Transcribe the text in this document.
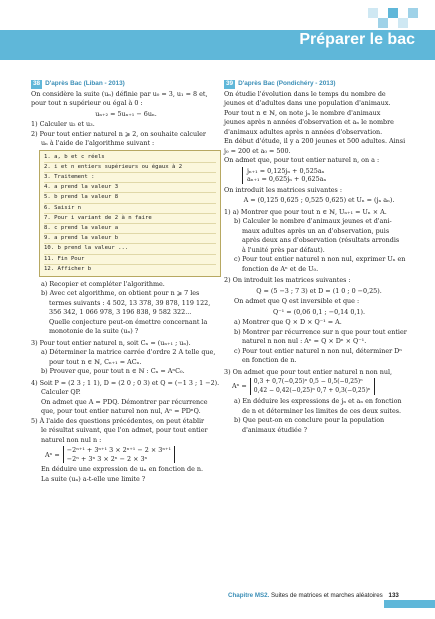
Préparer le bac
38 D'après Bac (Liban - 2013)

On considère la suite (uₙ) définie par u₀ = 3, u₁ = 8 et,

pour tout n supérieur ou égal à 0 :

uₙ₊₂ = 5uₙ₊₁ − 6uₙ.

1) Calculer u₂ et u₃.

2) Pour tout entier naturel n ⩾ 2, on souhaite calculer

uₙ à l'aide de l'algorithme suivant :

1. a, b et c réels
2. i et n entiers supérieurs ou égaux à 2
3. Traitement :
4. a prend la valeur 3
5. b prend la valeur 8
6. Saisir n
7. Pour i variant de 2 à n faire
8. c prend la valeur a
9. a prend la valeur b
10. b prend la valeur ...
11. Fin Pour
12. Afficher b

a) Recopier et compléter l'algorithme.

b) Avec cet algorithme, on obtient pour n ⩾ 7 les

termes suivants : 4 502, 13 378, 39 878, 119 122,

356 342, 1 066 978, 3 196 838, 9 582 322...

Quelle conjecture peut-on émettre concernant la

monotonie de la suite (uₙ) ?

3) Pour tout entier naturel n, soit Cₙ = (uₙ₊₁ ; uₙ).

a) Déterminer la matrice carrée d'ordre 2 A telle que,

pour tout n ∈ ℕ, Cₙ₊₁ = ACₙ.

b) Prouver que, pour tout n ∈ ℕ : Cₙ = AⁿC₀.

4) Soit P = (2 3 ; 1 1), D = (2 0 ; 0 3) et Q = (−1 3 ; 1 −2).

Calculer QP.

On admet que A = PDQ. Démontrer par récurrence

que, pour tout entier naturel non nul, Aⁿ = PDⁿQ.

5) À l'aide des questions précédentes, on peut établir

le résultat suivant, que l'on admet, pour tout entier

naturel non nul n :

Aⁿ =
−2ⁿ⁺¹ + 3ⁿ⁺¹ 3 × 2ⁿ⁺¹ − 2 × 3ⁿ⁺¹
−2ⁿ + 3ⁿ 3 × 2ⁿ − 2 × 3ⁿ

En déduire une expression de uₙ en fonction de n.

La suite (uₙ) a-t-elle une limite ?

39 D'après Bac (Pondichéry - 2013)

On étudie l'évolution dans le temps du nombre de

jeunes et d'adultes dans une population d'animaux.

Pour tout n ∈ ℕ, on note jₙ le nombre d'animaux

jeunes après n années d'observation et aₙ le nombre

d'animaux adultes après n années d'observation.

En début d'étude, il y a 200 jeunes et 500 adultes. Ainsi

j₀ = 200 et a₀ = 500.

On admet que, pour tout entier naturel n, on a :

jₙ₊₁ = 0,125jₙ + 0,525aₙ
aₙ₊₁ = 0,625jₙ + 0,625aₙ

On introduit les matrices suivantes :

A = (0,125 0,625 ; 0,525 0,625) et Uₙ = (jₙ aₙ).

1) a) Montrer que pour tout n ∈ ℕ, Uₙ₊₁ = Uₙ × A.

b) Calculer le nombre d'animaux jeunes et d'ani-

maux adultes après un an d'observation, puis

après deux ans d'observation (résultats arrondis

à l'unité près par défaut).

c) Pour tout entier naturel n non nul, exprimer Uₙ en

fonction de Aⁿ et de U₀.

2) On introduit les matrices suivantes :

Q = (5 −3 ; 7 3) et D = (1 0 ; 0 −0,25).

On admet que Q est inversible et que :

Q⁻¹ = (0,06 0,1 ; −0,14 0,1).

a) Montrer que Q × D × Q⁻¹ = A.

b) Montrer par récurrence sur n que pour tout entier

naturel n non nul : Aⁿ = Q × Dⁿ × Q⁻¹.

c) Pour tout entier naturel n non nul, déterminer Dⁿ

en fonction de n.

3) On admet que pour tout entier naturel n non nul,

Aⁿ =
0,3 + 0,7(−0,25)ⁿ 0,5 − 0,5(−0,25)ⁿ
0,42 − 0,42(−0,25)ⁿ 0,7 + 0,3(−0,25)ⁿ

a) En déduire les expressions de jₙ et aₙ en fonction

de n et déterminer les limites de ces deux suites.

b) Que peut-on en conclure pour la population

d'animaux étudiée ?

Chapitre MS2. Suites de matrices et marches aléatoires 133
